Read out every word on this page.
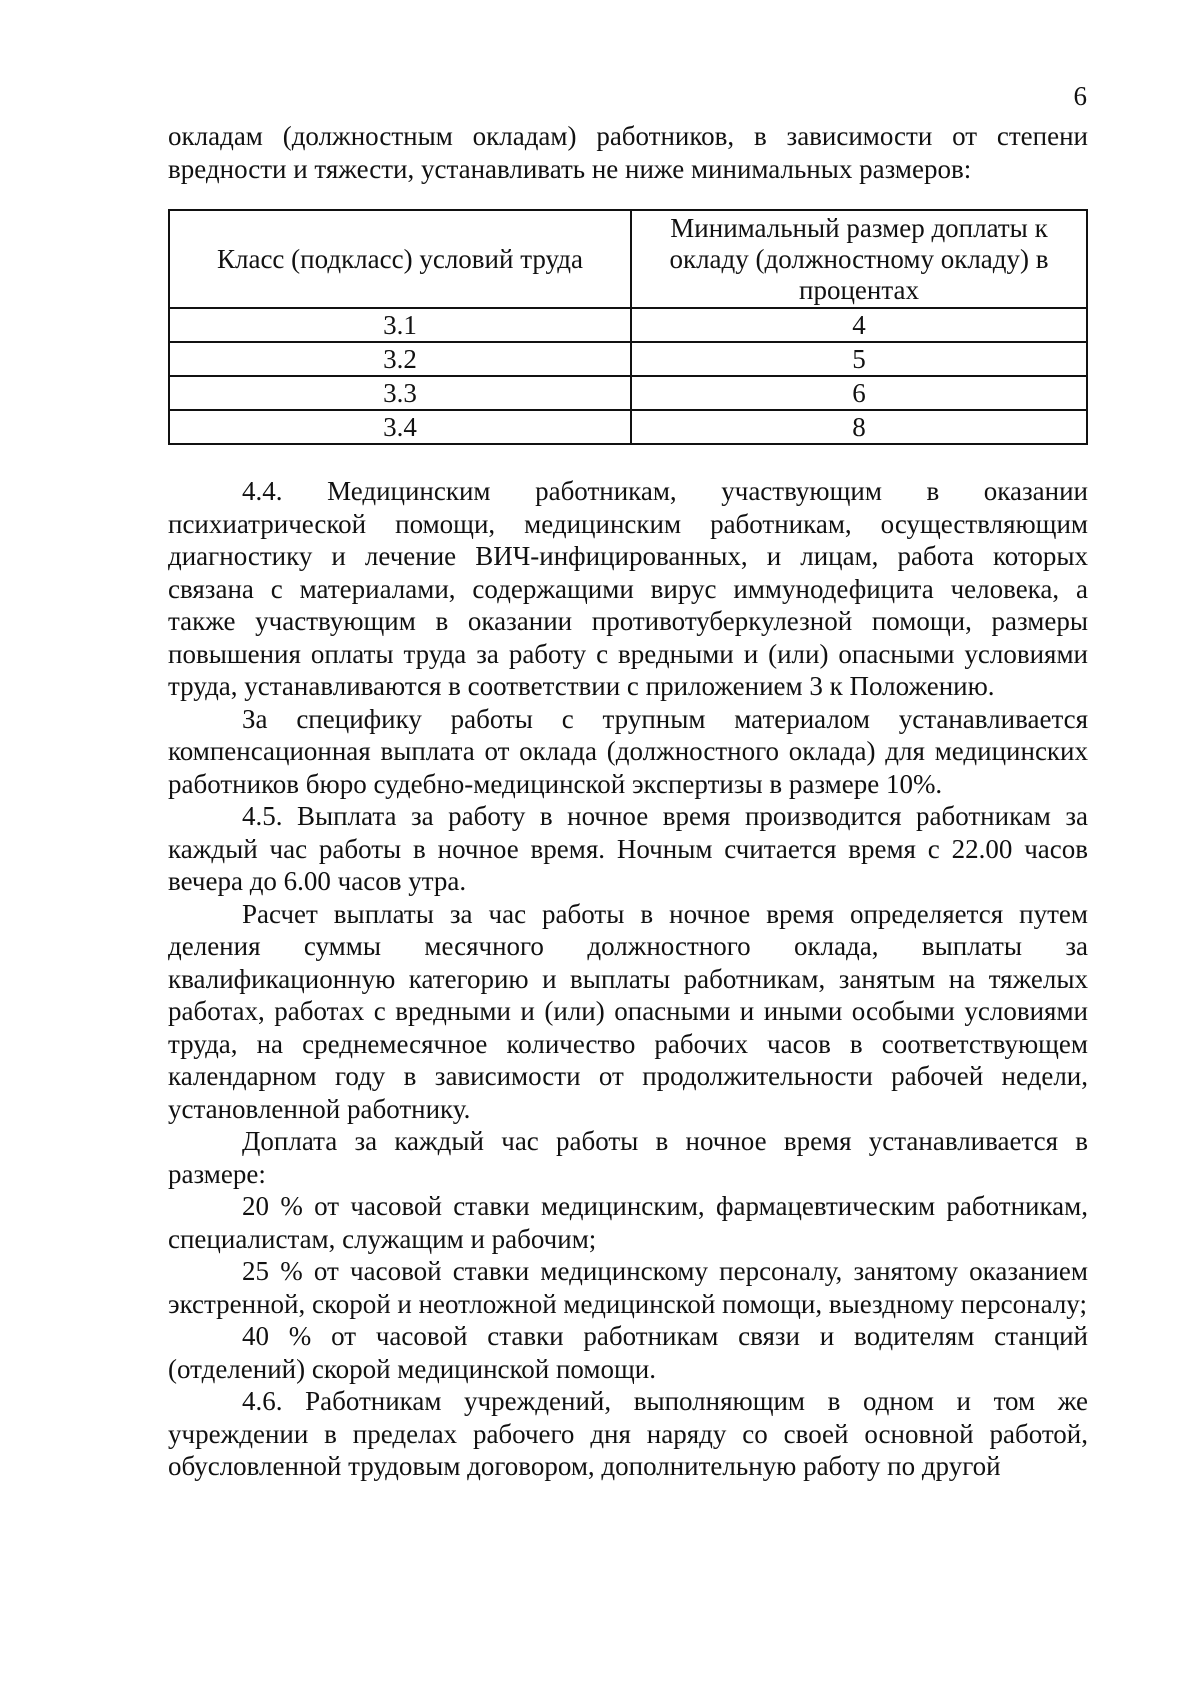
6

окладам (должностным окладам) работников, в зависимости от степени вредности и тяжести, устанавливать не ниже минимальных размеров:

Класс (подкласс) условий труда	Минимальный размер доплаты к окладу (должностному окладу) в процентах
3.1	4
3.2	5
3.3	6
3.4	8

4.4. Медицинским работникам, участвующим в оказании психиатрической помощи, медицинским работникам, осуществляющим диагностику и лечение ВИЧ-инфицированных, и лицам, работа которых связана с материалами, содержащими вирус иммунодефицита человека, а также участвующим в оказании противотуберкулезной помощи, размеры повышения оплаты труда за работу с вредными и (или) опасными условиями труда, устанавливаются в соответствии с приложением 3 к Положению.

За специфику работы с трупным материалом устанавливается компенсационная выплата от оклада (должностного оклада) для медицинских работников бюро судебно-медицинской экспертизы в размере 10%.

4.5. Выплата за работу в ночное время производится работникам за каждый час работы в ночное время. Ночным считается время с 22.00 часов вечера до 6.00 часов утра.

Расчет выплаты за час работы в ночное время определяется путем деления суммы месячного должностного оклада, выплаты за квалификационную категорию и выплаты работникам, занятым на тяжелых работах, работах с вредными и (или) опасными и иными особыми условиями труда, на среднемесячное количество рабочих часов в соответствующем календарном году в зависимости от продолжительности рабочей недели, установленной работнику.

Доплата за каждый час работы в ночное время устанавливается в размере:

20 % от часовой ставки медицинским, фармацевтическим работникам, специалистам, служащим и рабочим;

25 % от часовой ставки медицинскому персоналу, занятому оказанием экстренной, скорой и неотложной медицинской помощи, выездному персоналу;

40 % от часовой ставки работникам связи и водителям станций (отделений) скорой медицинской помощи.

4.6. Работникам учреждений, выполняющим в одном и том же учреждении в пределах рабочего дня наряду со своей основной работой, обусловленной трудовым договором, дополнительную работу по другой
